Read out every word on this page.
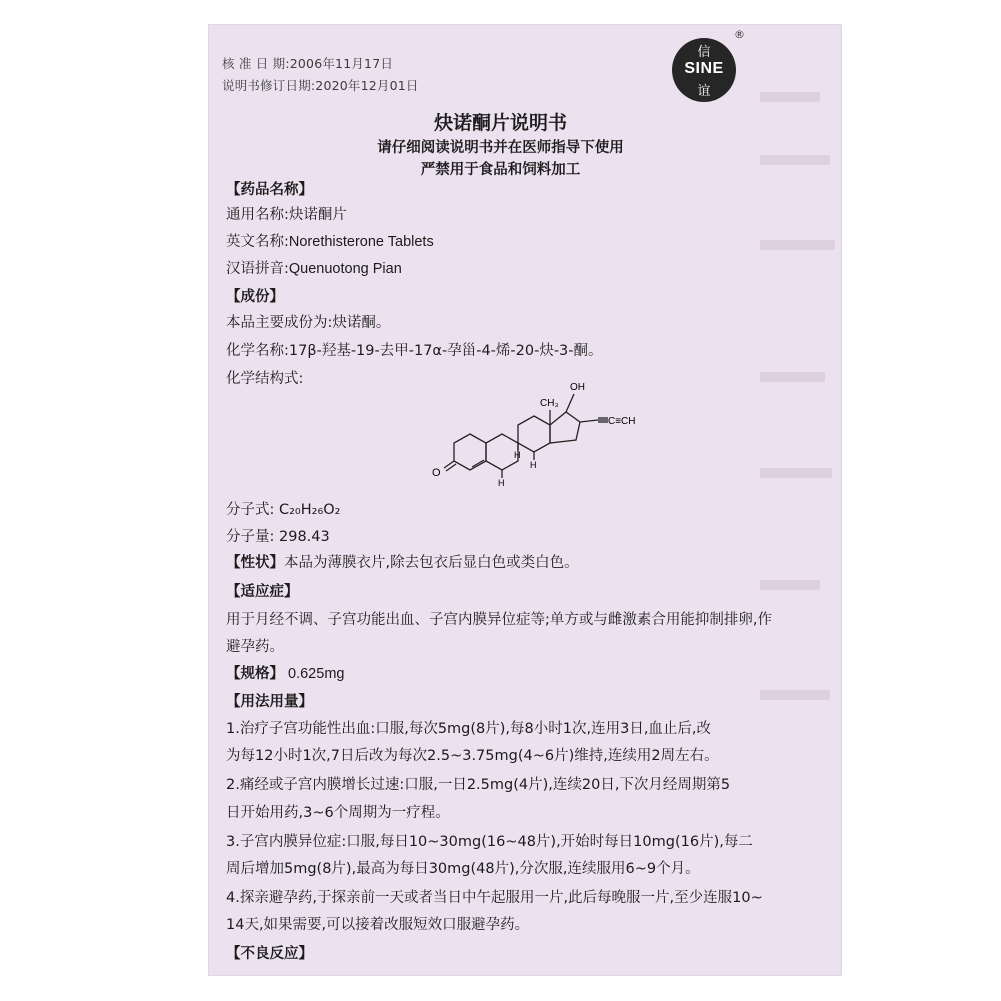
核 准 日 期:2006年11月17日
说明书修订日期:2020年12月01日
信
SINE
谊
®
炔诺酮片说明书
请仔细阅读说明书并在医师指导下使用
严禁用于食品和饲料加工
【药品名称】
通用名称:炔诺酮片
英文名称:Norethisterone Tablets
汉语拼音:Quenuotong Pian
【成份】
本品主要成份为:炔诺酮。
化学名称:17β-羟基-19-去甲-17α-孕甾-4-烯-20-炔-3-酮。
化学结构式:
O
CH₃
OH
C≡CH
H
H
H
分子式: C₂₀H₂₆O₂
分子量: 298.43
【性状】本品为薄膜衣片,除去包衣后显白色或类白色。
【适应症】
用于月经不调、子宫功能出血、子宫内膜异位症等;单方或与雌激素合用能抑制排卵,作
避孕药。
【规格】 0.625mg
【用法用量】
1.治疗子宫功能性出血:口服,每次5mg(8片),每8小时1次,连用3日,血止后,改
为每12小时1次,7日后改为每次2.5~3.75mg(4~6片)维持,连续用2周左右。
2.痛经或子宫内膜增长过速:口服,一日2.5mg(4片),连续20日,下次月经周期第5
日开始用药,3~6个周期为一疗程。
3.子宫内膜异位症:口服,每日10~30mg(16~48片),开始时每日10mg(16片),每二
周后增加5mg(8片),最高为每日30mg(48片),分次服,连续服用6~9个月。
4.探亲避孕药,于探亲前一天或者当日中午起服用一片,此后每晚服一片,至少连服10~
14天,如果需要,可以接着改服短效口服避孕药。
【不良反应】
